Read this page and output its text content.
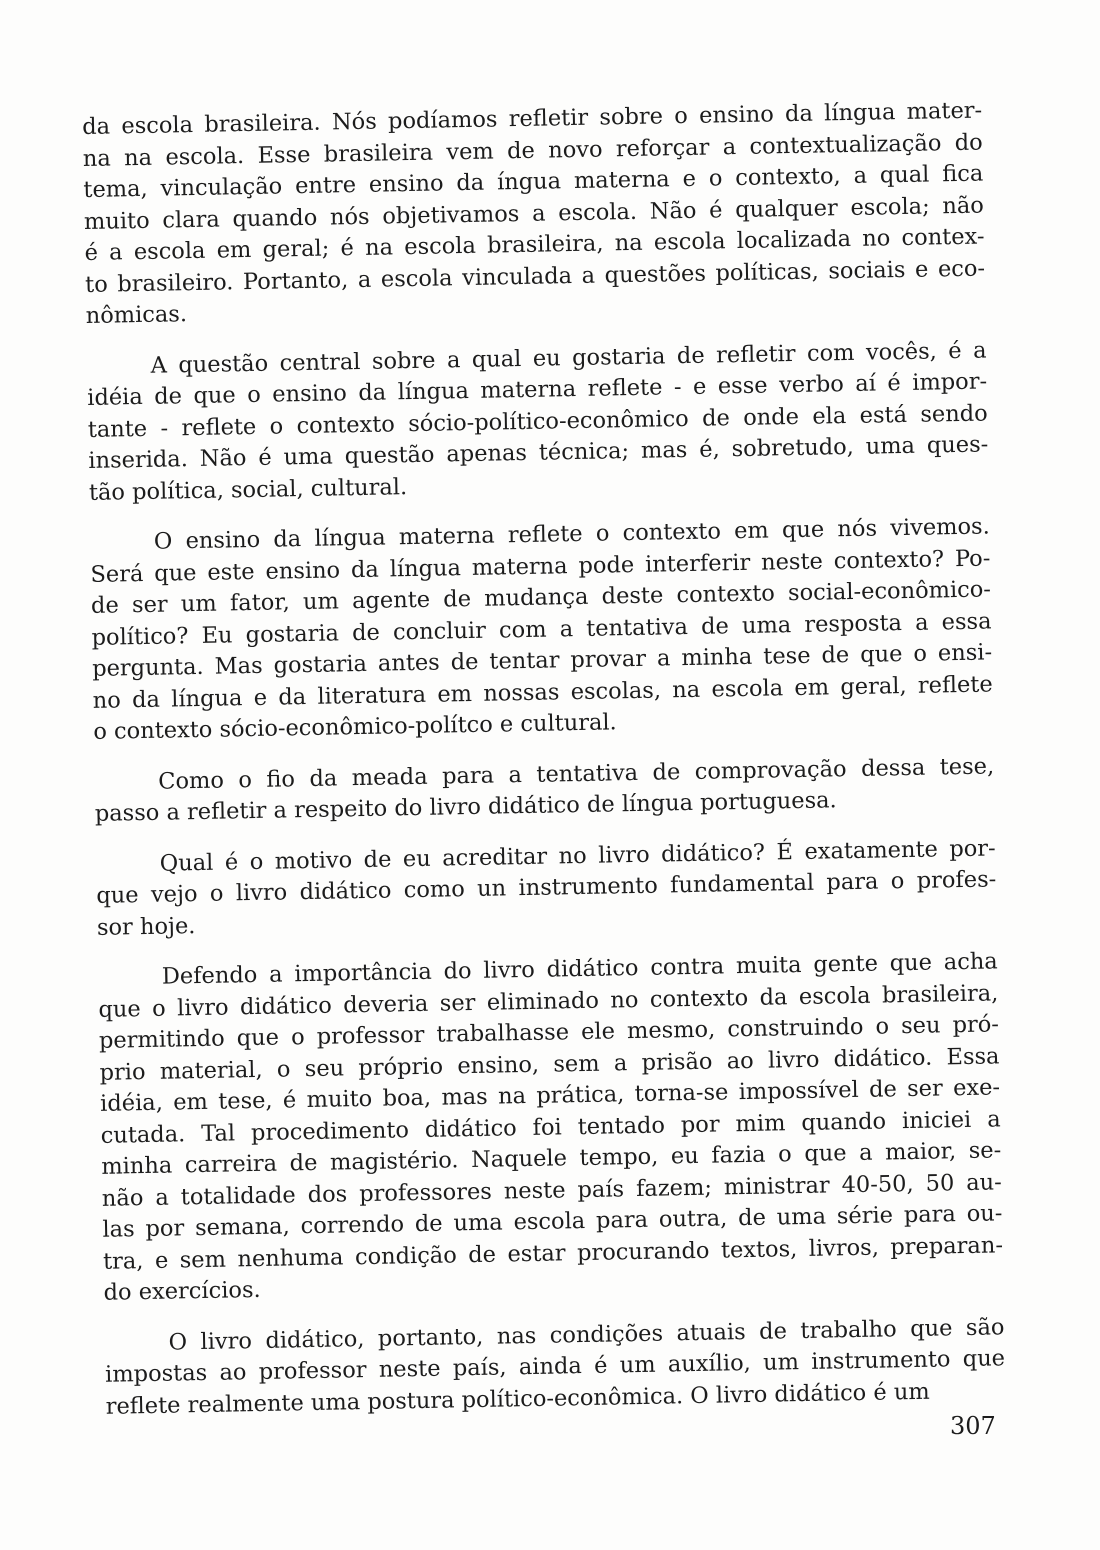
da escola brasileira. Nós podíamos refletir sobre o ensino da língua mater-
na na escola. Esse brasileira vem de novo reforçar a contextualização do
tema, vinculação entre ensino da íngua materna e o contexto, a qual fica
muito clara quando nós objetivamos a escola. Não é qualquer escola; não
é a escola em geral; é na escola brasileira, na escola localizada no contex-
to brasileiro. Portanto, a escola vinculada a questões políticas, sociais e eco-
nômicas.
A questão central sobre a qual eu gostaria de refletir com vocês, é a
idéia de que o ensino da língua materna reflete - e esse verbo aí é impor-
tante - reflete o contexto sócio-político-econômico de onde ela está sendo
inserida. Não é uma questão apenas técnica; mas é, sobretudo, uma ques-
tão política, social, cultural.
O ensino da língua materna reflete o contexto em que nós vivemos.
Será que este ensino da língua materna pode interferir neste contexto? Po-
de ser um fator, um agente de mudança deste contexto social-econômico-
político? Eu gostaria de concluir com a tentativa de uma resposta a essa
pergunta. Mas gostaria antes de tentar provar a minha tese de que o ensi-
no da língua e da literatura em nossas escolas, na escola em geral, reflete
o contexto sócio-econômico-polítco e cultural.
Como o fio da meada para a tentativa de comprovação dessa tese,
passo a refletir a respeito do livro didático de língua portuguesa.
Qual é o motivo de eu acreditar no livro didático? É exatamente por-
que vejo o livro didático como un instrumento fundamental para o profes-
sor hoje.
Defendo a importância do livro didático contra muita gente que acha
que o livro didático deveria ser eliminado no contexto da escola brasileira,
permitindo que o professor trabalhasse ele mesmo, construindo o seu pró-
prio material, o seu próprio ensino, sem a prisão ao livro didático. Essa
idéia, em tese, é muito boa, mas na prática, torna-se impossível de ser exe-
cutada. Tal procedimento didático foi tentado por mim quando iniciei a
minha carreira de magistério. Naquele tempo, eu fazia o que a maior, se-
não a totalidade dos professores neste país fazem; ministrar 40-50, 50 au-
las por semana, correndo de uma escola para outra, de uma série para ou-
tra, e sem nenhuma condição de estar procurando textos, livros, preparan-
do exercícios.
O livro didático, portanto, nas condições atuais de trabalho que são
impostas ao professor neste país, ainda é um auxílio, um instrumento que
reflete realmente uma postura político-econômica. O livro didático é um
307
